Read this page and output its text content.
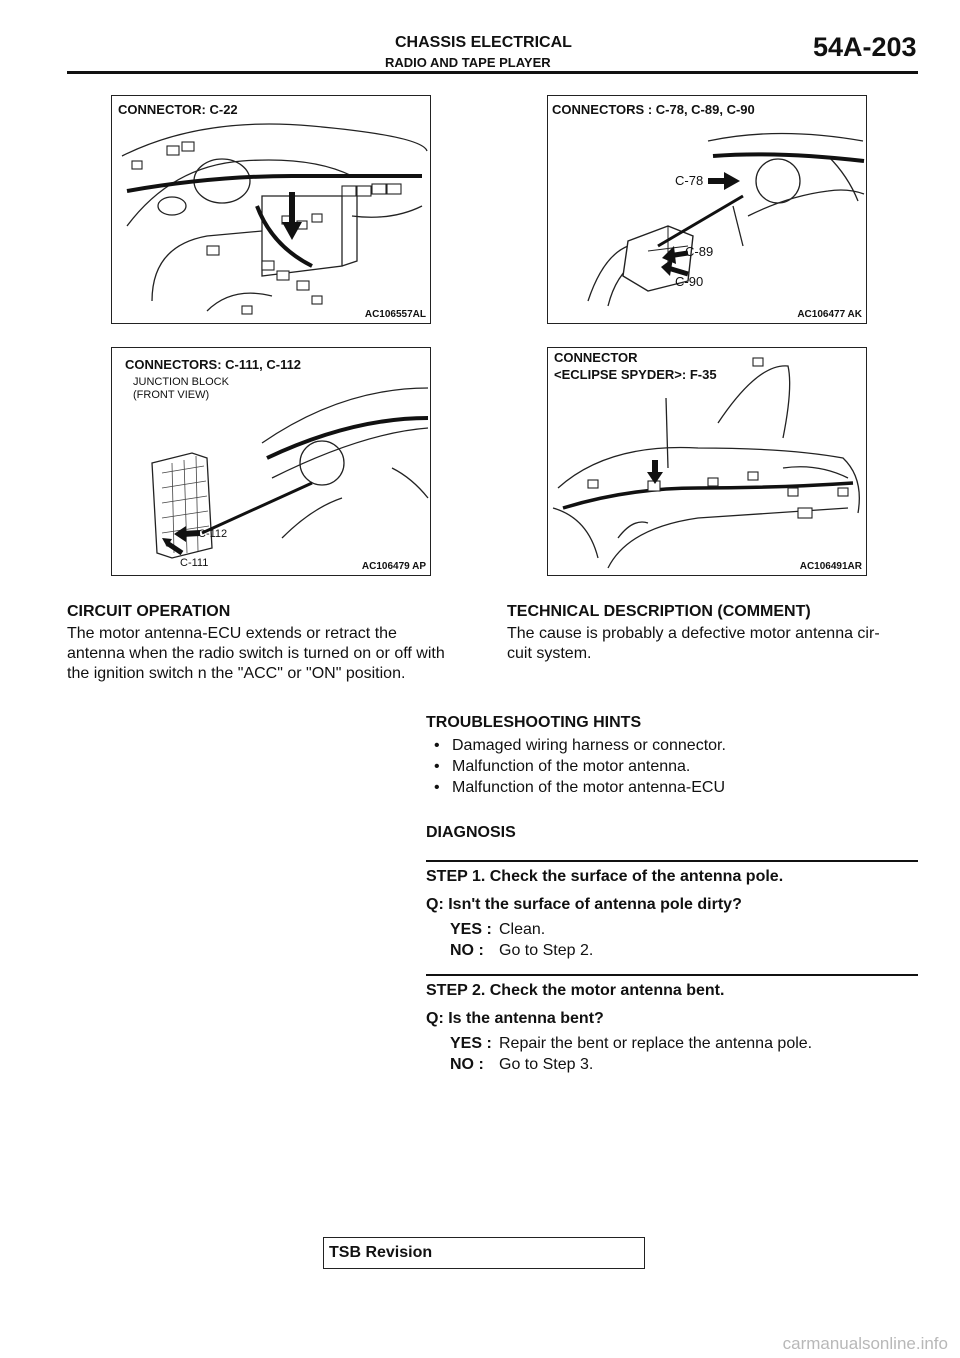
CHASSIS ELECTRICAL
RADIO AND TAPE PLAYER
54A-203
CONNECTOR: C-22
AC106557AL
CONNECTORS : C-78, C-89, C-90
C-78
C-89
C-90
AC106477 AK
CONNECTORS: C-111, C-112
JUNCTION BLOCK
(FRONT VIEW)
C-112
C-111	AC106479 AP
CONNECTOR
<ECLIPSE SPYDER>: F-35
AC106491AR
CIRCUIT OPERATION
The motor antenna-ECU extends or retract the
antenna when the radio switch is turned on or off with
the ignition switch n the "ACC" or "ON" position.
TECHNICAL DESCRIPTION (COMMENT)
The cause is probably a defective motor antenna cir-
cuit system.
TROUBLESHOOTING HINTS
• Damaged wiring harness or connector.
• Malfunction of the motor antenna.
• Malfunction of the motor antenna-ECU
DIAGNOSIS
STEP 1. Check the surface of the antenna pole.
Q: Isn't the surface of antenna pole dirty?
YES : Clean.
NO : Go to Step 2.
STEP 2. Check the motor antenna bent.
Q: Is the antenna bent?
YES : Repair the bent or replace the antenna pole.
NO : Go to Step 3.
TSB Revision
carmanualsonline.info
